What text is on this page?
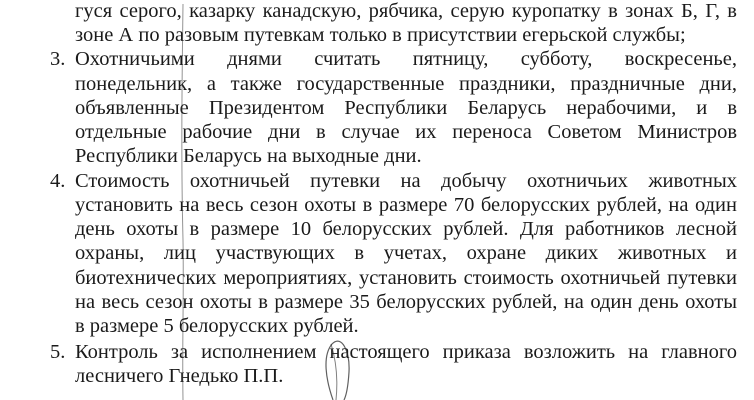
гуся серого, казарку канадскую, рябчика, серую куропатку в зонах Б, Г, в
зоне А по разовым путевкам только в присутствии егерьской службы;
3. Охотничьими днями считать пятницу, субботу, воскресенье,
понедельник, а также государственные праздники, праздничные дни,
объявленные Президентом Республики Беларусь нерабочими, и в
отдельные рабочие дни в случае их переноса Советом Министров
Республики Беларусь на выходные дни.
4. Стоимость охотничьей путевки на добычу охотничьих животных
установить на весь сезон охоты в размере 70 белорусских рублей, на один
день охоты в размере 10 белорусских рублей. Для работников лесной
охраны, лиц участвующих в учетах, охране диких животных и
биотехнических мероприятиях, установить стоимость охотничьей путевки
на весь сезон охоты в размере 35 белорусских рублей, на один день охоты
в размере 5 белорусских рублей.
5. Контроль за исполнением настоящего приказа возложить на главного
лесничего Гнедько П.П.
